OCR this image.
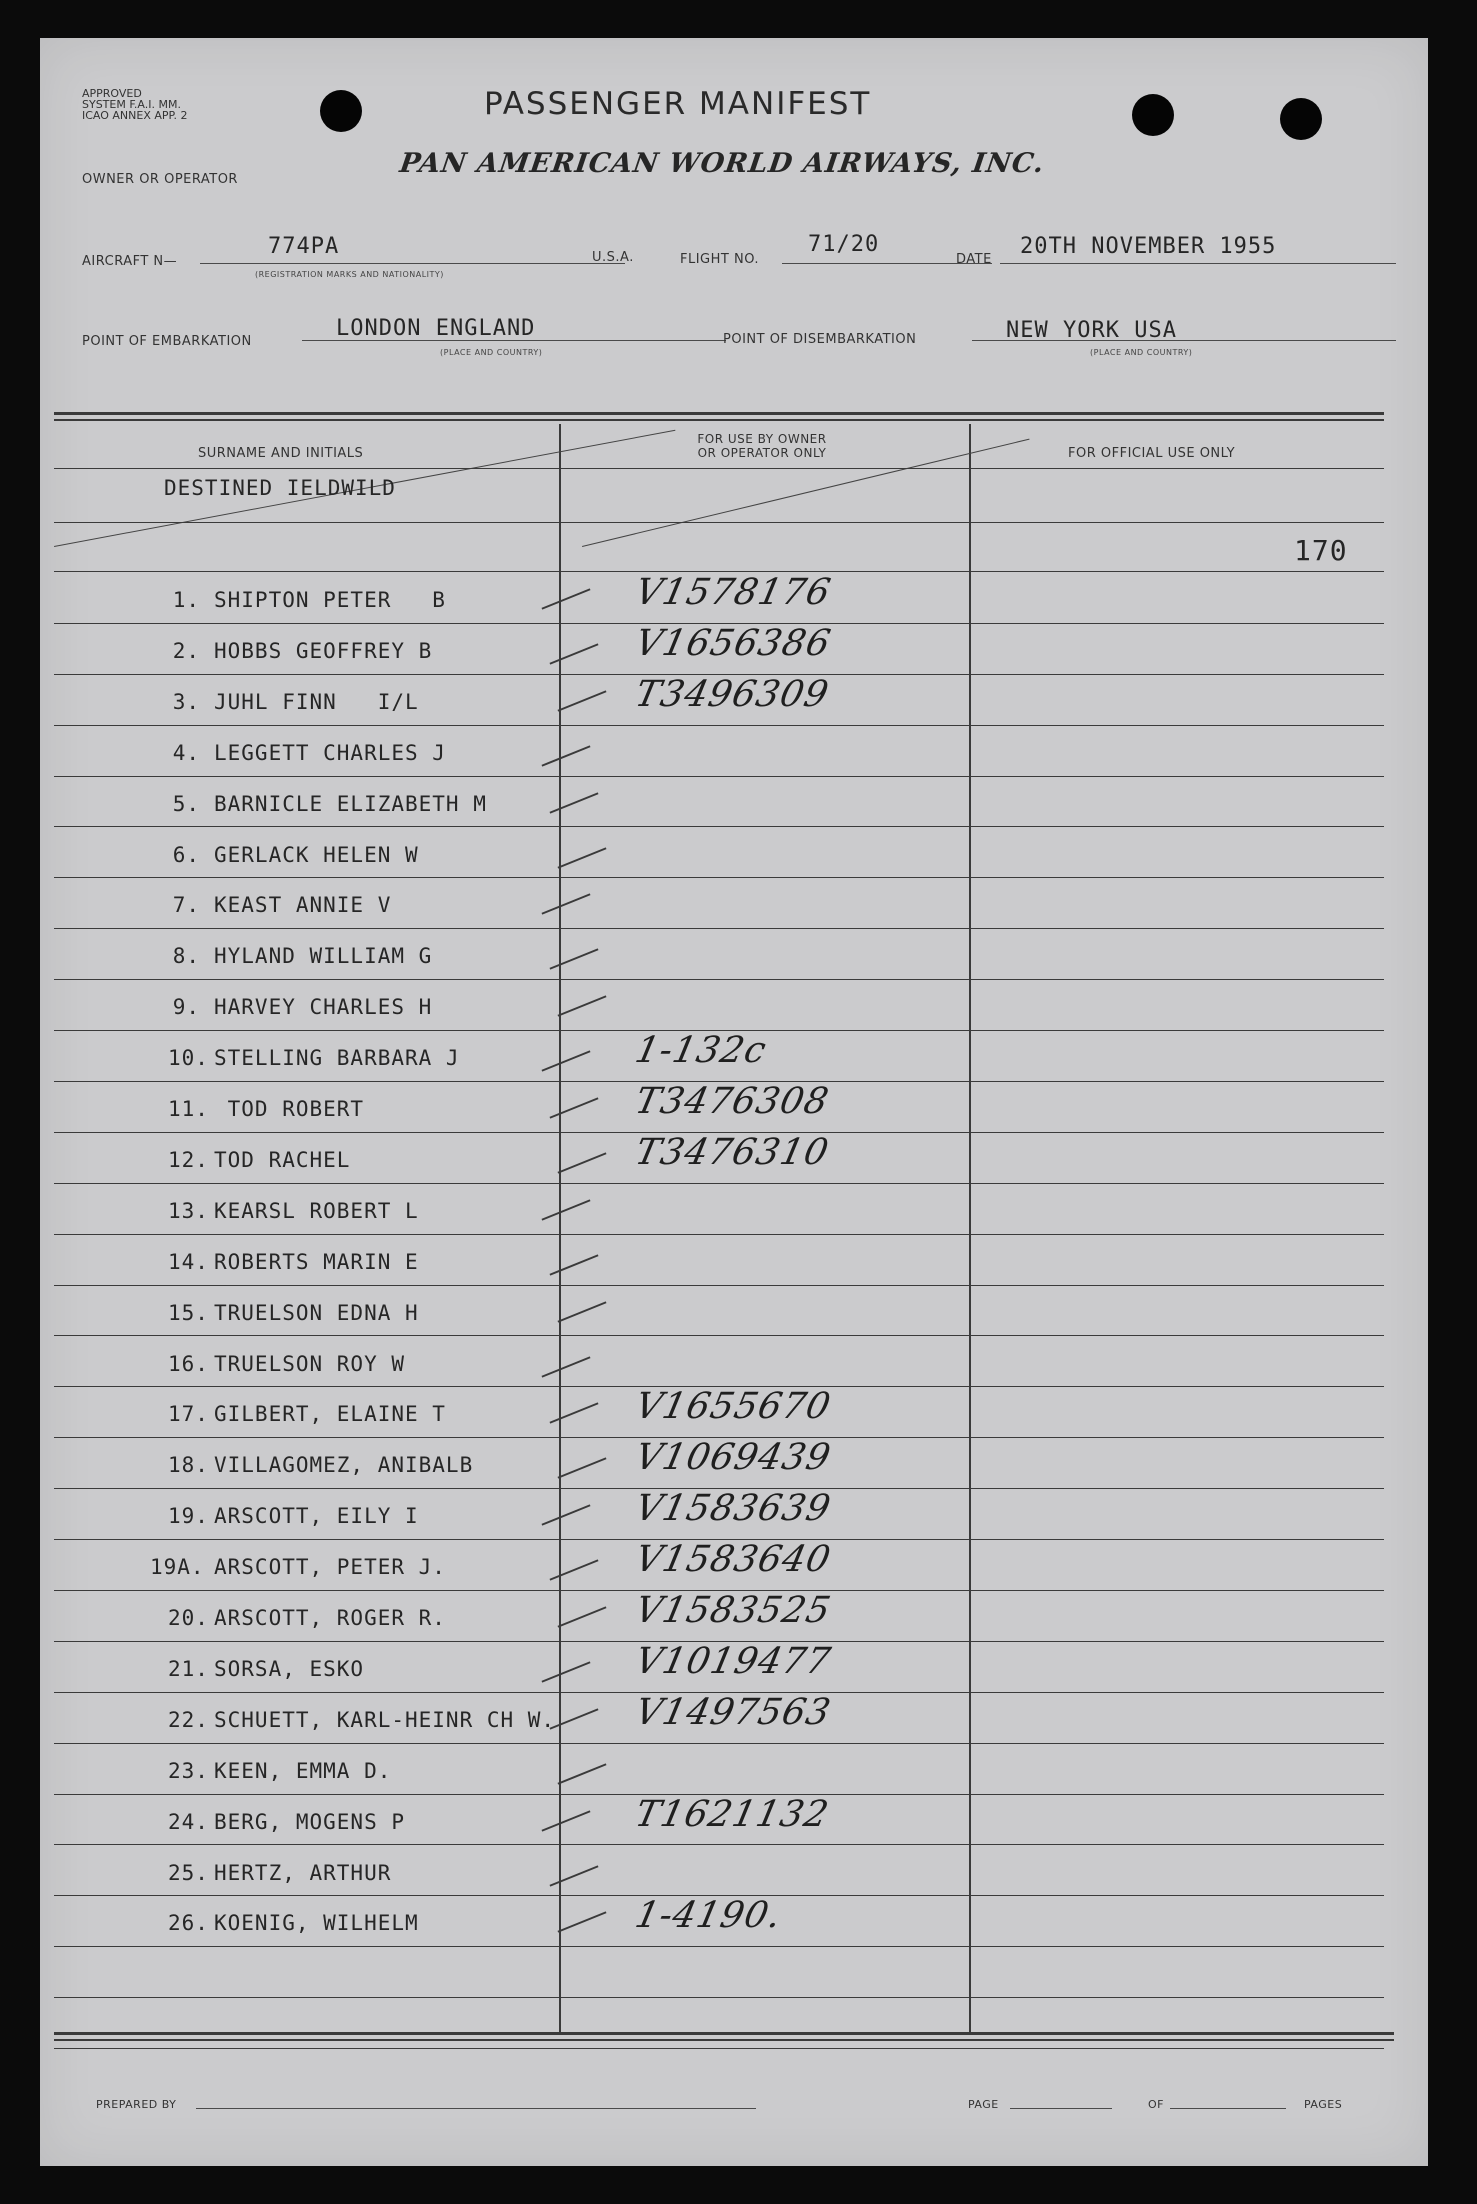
APPROVED
SYSTEM F.A.I. MM.
ICAO ANNEX APP. 2	PASSENGER MANIFEST
OWNER OR OPERATOR
PAN AMERICAN WORLD AIRWAYS, INC.
AIRCRAFT N—
774PA
(REGISTRATION MARKS AND NATIONALITY)
U.S.A.	FLIGHT NO.
71/20
DATE
20TH NOVEMBER 1955
POINT OF EMBARKATION
LONDON ENGLAND
(PLACE AND COUNTRY)
POINT OF DISEMBARKATION	NEW YORK USA
(PLACE AND COUNTRY)
SURNAME AND INITIALS
FOR USE BY OWNER
OR OPERATOR ONLY	FOR OFFICIAL USE ONLY
DESTINED IELDWILD
170
1. SHIPTON PETER   B	V1578176
2. HOBBS GEOFFREY B	V1656386
3. JUHL FINN   I/L	T3496309
4. LEGGETT CHARLES J
5. BARNICLE ELIZABETH M
6. GERLACK HELEN W
7. KEAST ANNIE V
8. HYLAND WILLIAM G
9. HARVEY CHARLES H
10. STELLING BARBARA J	1-132c
11. TOD ROBERT	T3476308
12. TOD RACHEL	T3476310
13. KEARSL ROBERT L
14. ROBERTS MARIN E
15. TRUELSON EDNA H
16. TRUELSON ROY W
17. GILBERT, ELAINE T	V1655670
18. VILLAGOMEZ, ANIBALB	V1069439
19. ARSCOTT, EILY I	V1583639
19A. ARSCOTT, PETER J.	V1583640
20. ARSCOTT, ROGER R.	V1583525
21. SORSA, ESKO	V1019477
22. SCHUETT, KARL-HEINR CH W. V1497563
23. KEEN, EMMA D.
24. BERG, MOGENS P	T1621132
25. HERTZ, ARTHUR
26. KOENIG, WILHELM	1-4190.
PREPARED BY	PAGE	OF	PAGES
